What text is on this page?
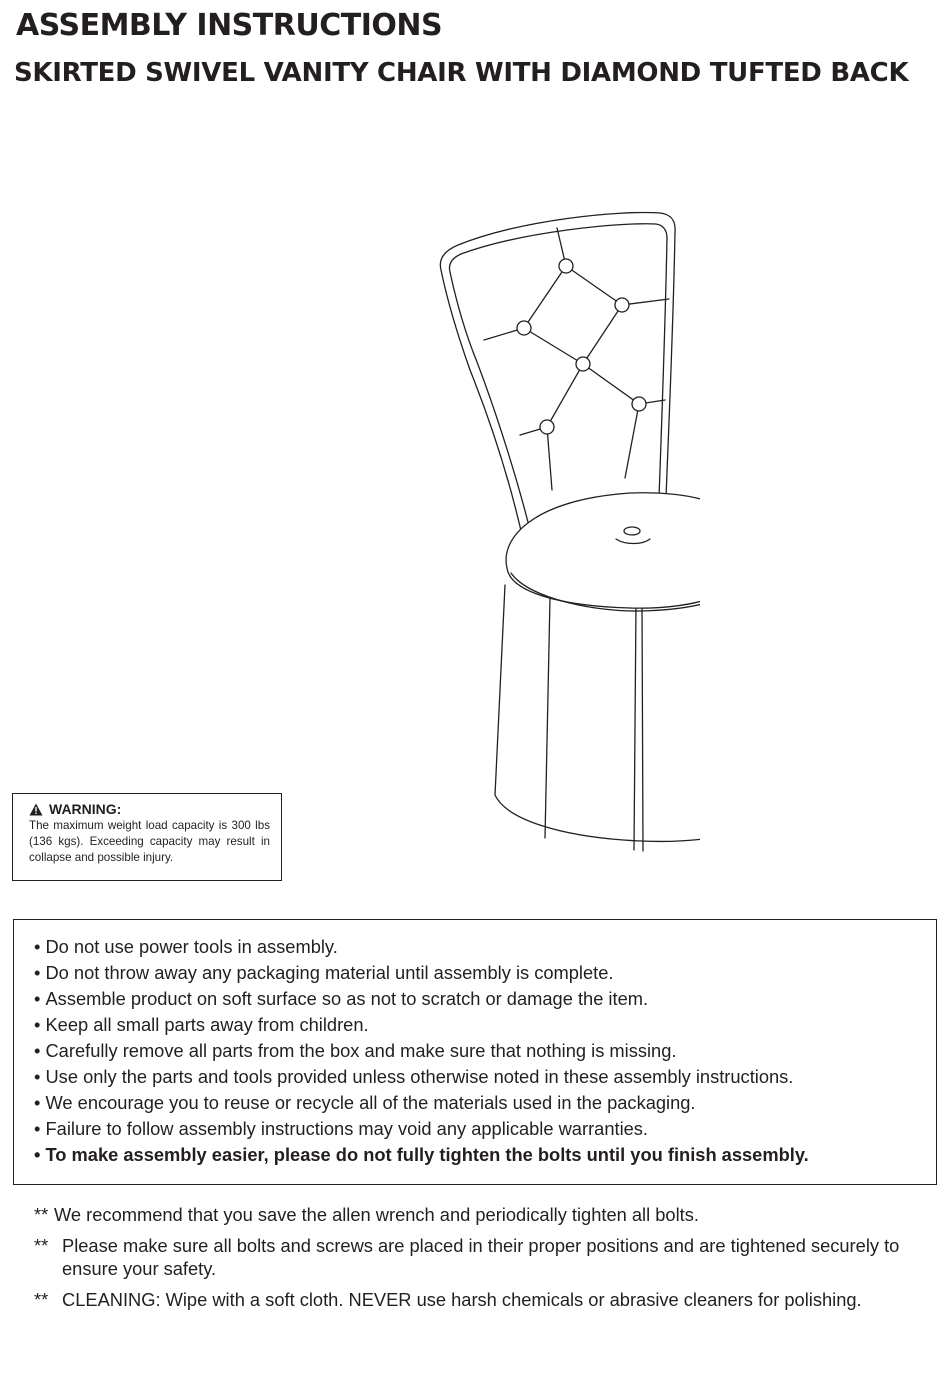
ASSEMBLY INSTRUCTIONS
SKIRTED SWIVEL VANITY CHAIR WITH DIAMOND TUFTED BACK
WARNING:
The maximum weight load capacity is 300 lbs (136 kgs). Exceeding capacity may result in collapse and possible injury.
• Do not use power tools in assembly.
• Do not throw away any packaging material until assembly is complete.
• Assemble product on soft surface so as not to scratch or damage the item.
• Keep all small parts away from children.
• Carefully remove all parts from the box and make sure that nothing is missing.
• Use only the parts and tools provided unless otherwise noted in these assembly instructions.
• We encourage you to reuse or recycle all of the materials used in the packaging.
• Failure to follow assembly instructions may void any applicable warranties.
• To make assembly easier, please do not fully tighten the bolts until you finish assembly.
** We recommend that you save the allen wrench and periodically tighten all bolts.
** Please make sure all bolts and screws are placed in their proper positions and are tightened securely to ensure your safety.
** CLEANING: Wipe with a soft cloth. NEVER use harsh chemicals or abrasive cleaners for polishing.
